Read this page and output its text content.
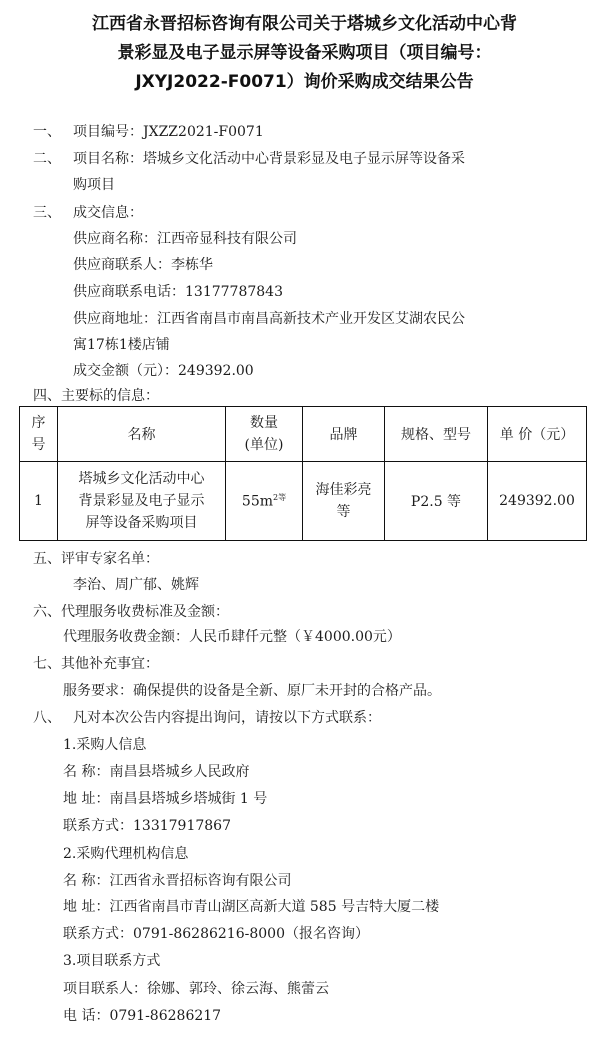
江西省永晋招标咨询有限公司关于塔城乡文化活动中心背
景彩显及电子显示屏等设备采购项目（项目编号：
JXYJ2022-F0071）询价采购成交结果公告
一、 项目编号：JXZZ2021-F0071
二、 项目名称：塔城乡文化活动中心背景彩显及电子显示屏等设备采
购项目
三、 成交信息：
供应商名称：江西帝显科技有限公司
供应商联系人：李栋华
供应商联系电话：13177787843
供应商地址：江西省南昌市南昌高新技术产业开发区艾湖农民公
寓17栋1楼店铺
成交金额（元）：249392.00
四、主要标的信息：
序
号	名称	数量
(单位)	品牌	规格、型号	单 价（元）
1	塔城乡文化活动中心
背景彩显及电子显示
屏等设备采购项目	$55m^{2等}$	海佳彩亮
等	P2.5 等	249392.00
五、评审专家名单：
李治、周广郁、姚辉
六、代理服务收费标准及金额：
代理服务收费金额：人民币肆仟元整（￥4000.00元）
七、其他补充事宜：
服务要求：确保提供的设备是全新、原厂未开封的合格产品。
八、 凡对本次公告内容提出询问，请按以下方式联系：
1.采购人信息
名 称：南昌县塔城乡人民政府
地 址：南昌县塔城乡塔城街 1 号
联系方式：13317917867
2.采购代理机构信息
名 称：江西省永晋招标咨询有限公司
地 址：江西省南昌市青山湖区高新大道 585 号吉特大厦二楼
联系方式：0791-86286216-8000（报名咨询）
3.项目联系方式
项目联系人：徐娜、郭玲、徐云海、熊蕾云
电 话：0791-86286217
